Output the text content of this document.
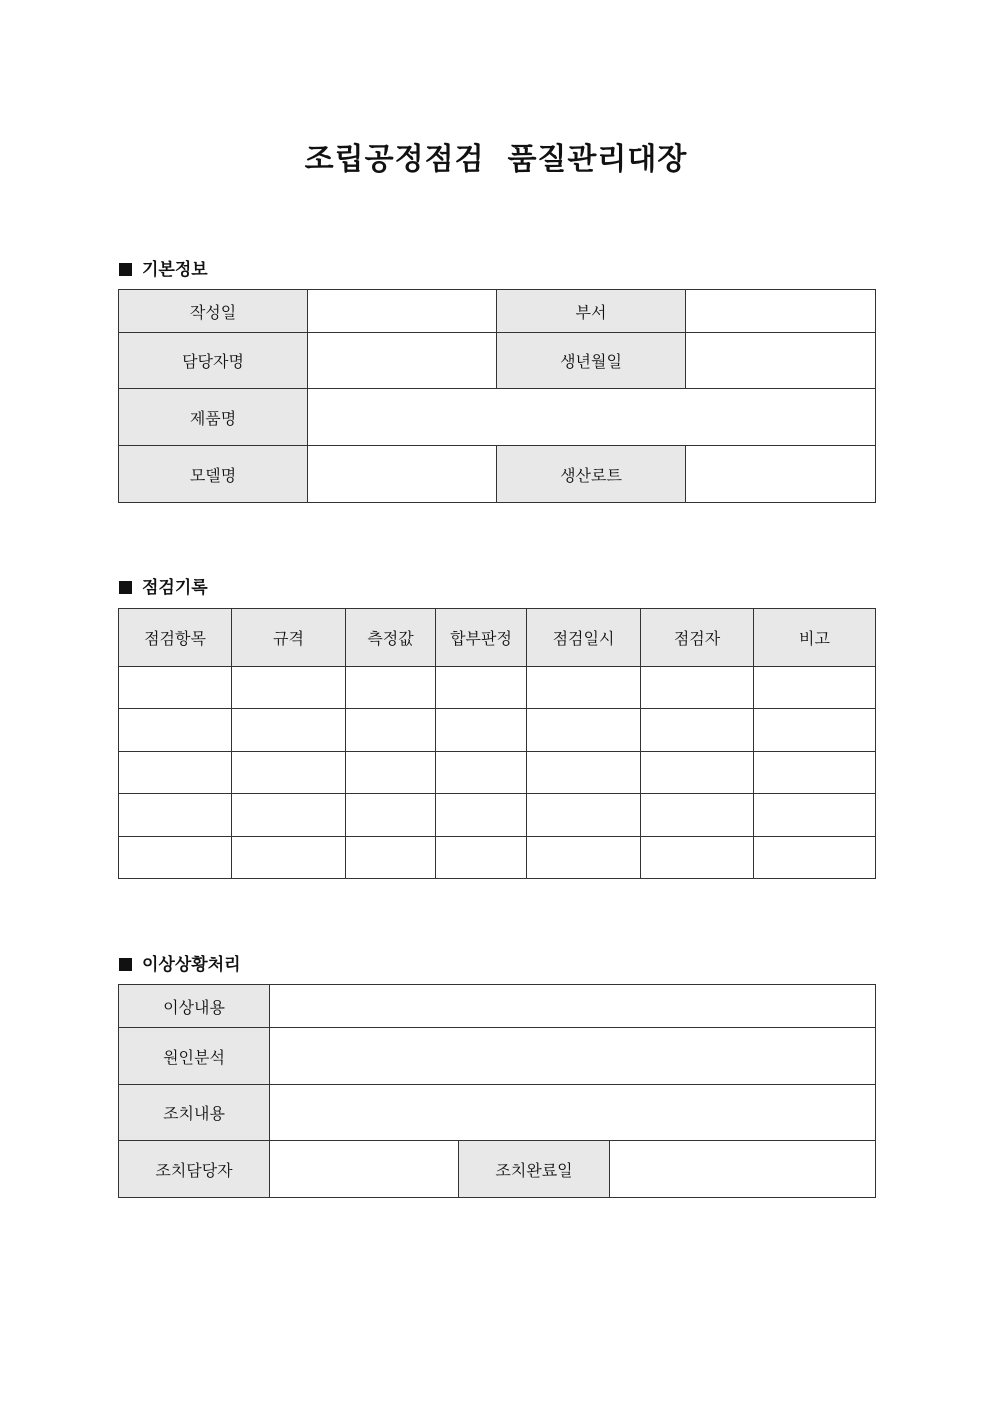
조립공정점검  품질관리대장
기본정보
작성일		부서	
담당자명		생년월일	
제품명			
모델명		생산로트	
점검기록
점검항목	규격	측정값	합부판정	점검일시	점검자	비고

이상상황처리
이상내용			
원인분석			
조치내용			
조치담당자		조치완료일	
